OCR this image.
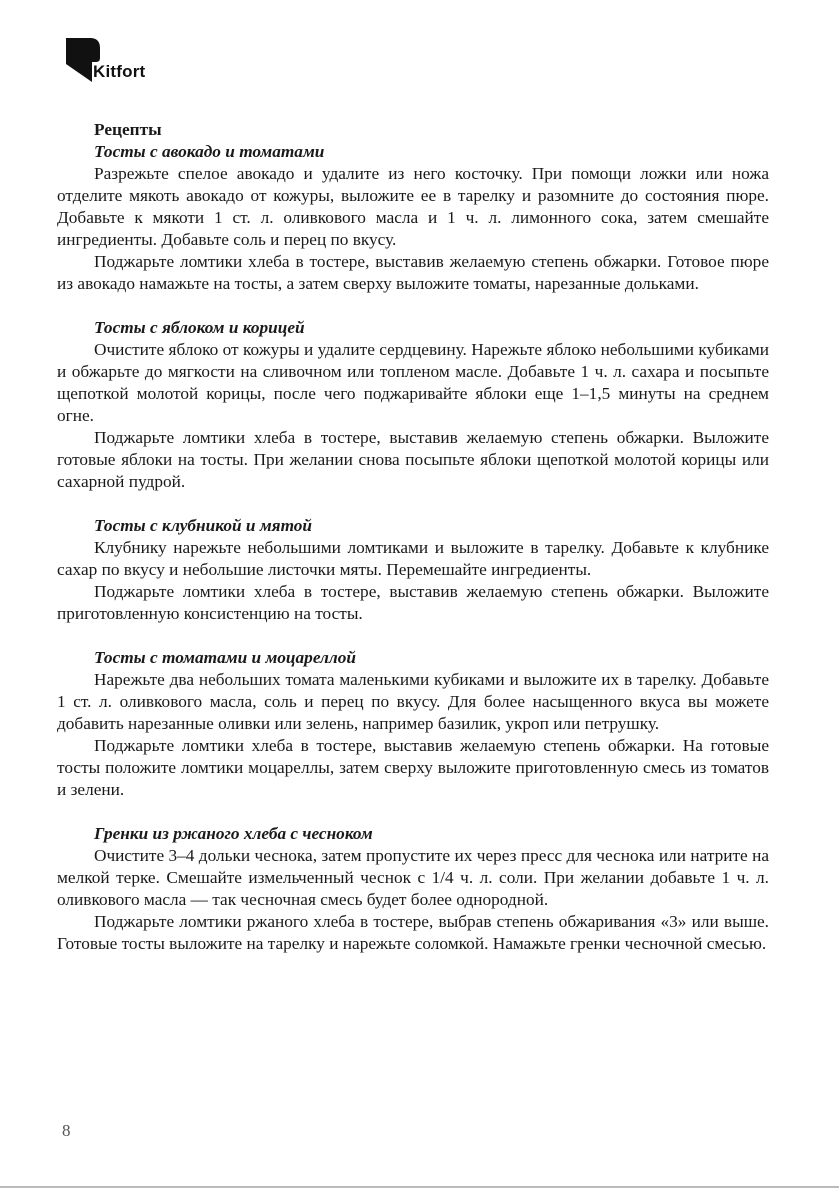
Kitfort
Рецепты
Тосты с авокадо и томатами

Разрежьте спелое авокадо и удалите из него косточку. При помощи ложки или ножа отделите мякоть авокадо от кожуры, выложите ее в тарелку и разомните до состояния пюре. Добавьте к мякоти 1 ст. л. оливкового масла и 1 ч. л. лимонного сока, затем смешайте ингредиенты. Добавьте соль и перец по вкусу.

Поджарьте ломтики хлеба в тостере, выставив желаемую степень обжарки. Готовое пюре из авокадо намажьте на тосты, а затем сверху выложите томаты, нарезанные дольками.

Тосты с яблоком и корицей

Очистите яблоко от кожуры и удалите сердцевину. Нарежьте яблоко небольшими кубиками и обжарьте до мягкости на сливочном или топленом масле. Добавьте 1 ч. л. сахара и посыпьте щепоткой молотой корицы, после чего поджаривайте яблоки еще 1–1,5 минуты на среднем огне.

Поджарьте ломтики хлеба в тостере, выставив желаемую степень обжарки. Выложите готовые яблоки на тосты. При желании снова посыпьте яблоки щепоткой молотой корицы или сахарной пудрой.

Тосты с клубникой и мятой

Клубнику нарежьте небольшими ломтиками и выложите в тарелку. Добавьте к клубнике сахар по вкусу и небольшие листочки мяты. Перемешайте ингредиенты.

Поджарьте ломтики хлеба в тостере, выставив желаемую степень обжарки. Выложите приготовленную консистенцию на тосты.

Тосты с томатами и моцареллой

Нарежьте два небольших томата маленькими кубиками и выложите их в тарелку. Добавьте 1 ст. л. оливкового масла, соль и перец по вкусу. Для более насыщенного вкуса вы можете добавить нарезанные оливки или зелень, например базилик, укроп или петрушку.

Поджарьте ломтики хлеба в тостере, выставив желаемую степень обжарки. На готовые тосты положите ломтики моцареллы, затем сверху выложите приготовленную смесь из томатов и зелени.

Гренки из ржаного хлеба с чесноком

Очистите 3–4 дольки чеснока, затем пропустите их через пресс для чеснока или натрите на мелкой терке. Смешайте измельченный чеснок с 1/4 ч. л. соли. При желании добавьте 1 ч. л. оливкового масла — так чесночная смесь будет более однородной.

Поджарьте ломтики ржаного хлеба в тостере, выбрав степень обжаривания «3» или выше. Готовые тосты выложите на тарелку и нарежьте соломкой. Намажьте гренки чесночной смесью.

8
